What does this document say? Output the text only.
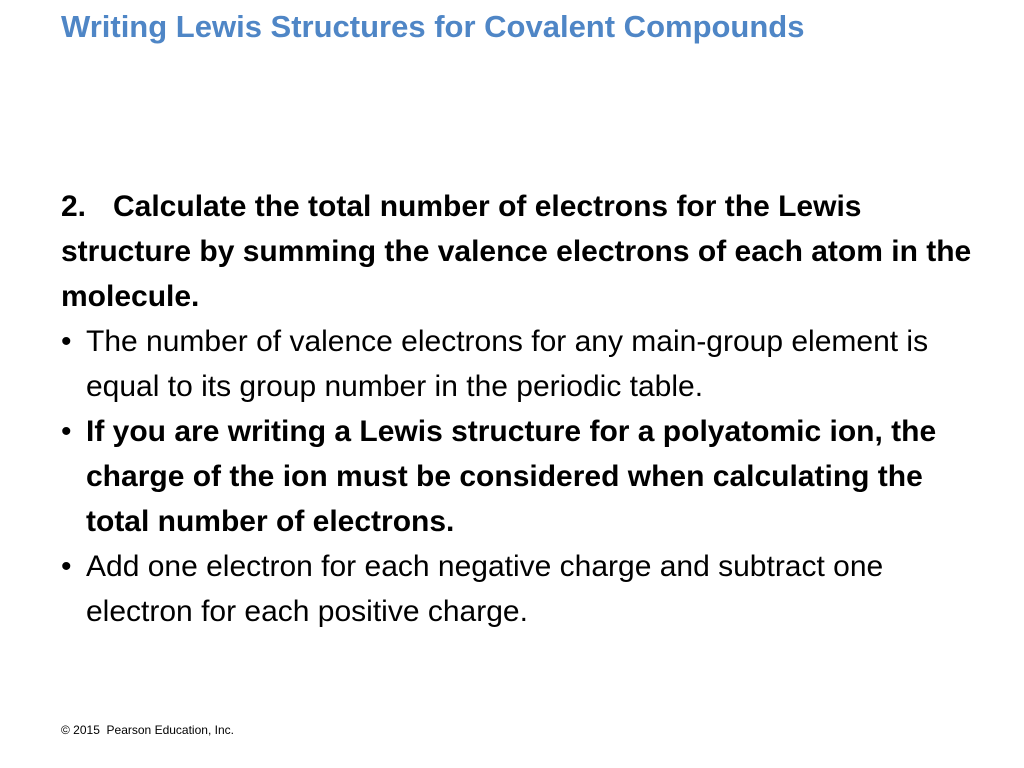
Writing Lewis Structures for Covalent Compounds

2. Calculate the total number of electrons for the Lewis structure by summing the valence electrons of each atom in the molecule.

• The number of valence electrons for any main-group element is equal to its group number in the periodic table.
• If you are writing a Lewis structure for a polyatomic ion, the charge of the ion must be considered when calculating the total number of electrons.
• Add one electron for each negative charge and subtract one electron for each positive charge.
© 2015  Pearson Education, Inc.
